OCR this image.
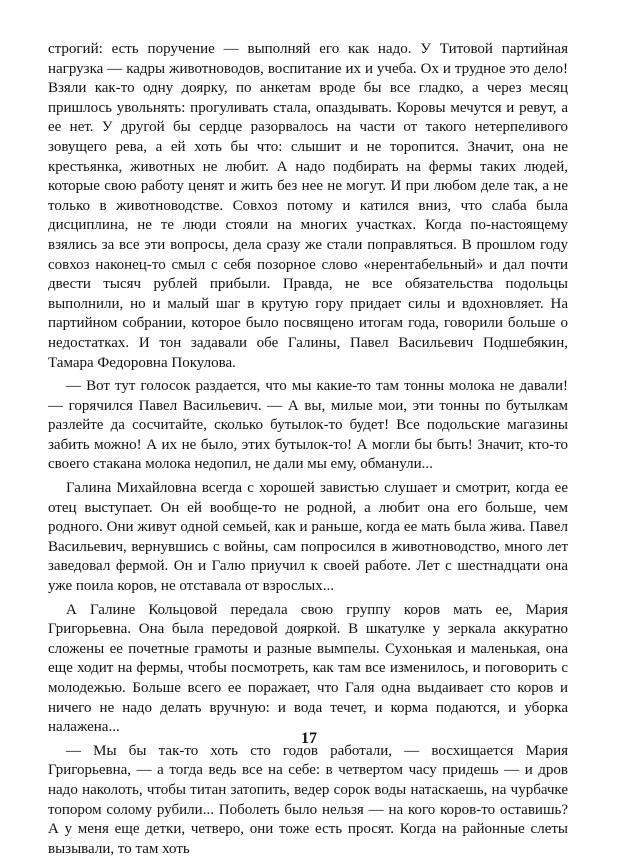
строгий: есть поручение — выполняй его как надо. У Титовой партийная нагрузка — кадры животноводов, воспитание их и учеба. Ох и трудное это дело! Взяли как-то одну доярку, по анкетам вроде бы все гладко, а через месяц пришлось увольнять: прогуливать стала, опаздывать. Коровы мечутся и ревут, а ее нет. У другой бы сердце разорвалось на части от такого нетерпеливого зовущего рева, а ей хоть бы что: слышит и не торопится. Значит, она не крестьянка, животных не любит. А надо подбирать на фермы таких людей, которые свою работу ценят и жить без нее не могут. И при любом деле так, а не только в животноводстве. Совхоз потому и катился вниз, что слаба была дисциплина, не те люди стояли на многих участках. Когда по-настоящему взялись за все эти вопросы, дела сразу же стали поправляться. В прошлом году совхоз наконец-то смыл с себя позорное слово «нерентабельный» и дал почти двести тысяч рублей прибыли. Правда, не все обязательства подольцы выполнили, но и малый шаг в крутую гору придает силы и вдохновляет. На партийном собрании, которое было посвящено итогам года, говорили больше о недостатках. И тон задавали обе Галины, Павел Васильевич Подшебякин, Тамара Федоровна Покулова.

— Вот тут голосок раздается, что мы какие-то там тонны молока не давали! — горячился Павел Васильевич. — А вы, милые мои, эти тонны по бутылкам разлейте да сосчитайте, сколько бутылок-то будет! Все подольские магазины забить можно! А их не было, этих бутылок-то! А могли бы быть! Значит, кто-то своего стакана молока недопил, не дали мы ему, обманули...

Галина Михайловна всегда с хорошей завистью слушает и смотрит, когда ее отец выступает. Он ей вообще-то не родной, а любит она его больше, чем родного. Они живут одной семьей, как и раньше, когда ее мать была жива. Павел Васильевич, вернувшись с войны, сам попросился в животноводство, много лет заведовал фермой. Он и Галю приучил к своей работе. Лет с шестнадцати она уже поила коров, не отставала от взрослых...

А Галине Кольцовой передала свою группу коров мать ее, Мария Григорьевна. Она была передовой дояркой. В шкатулке у зеркала аккуратно сложены ее почетные грамоты и разные вымпелы. Сухонькая и маленькая, она еще ходит на фермы, чтобы посмотреть, как там все изменилось, и поговорить с молодежью. Больше всего ее поражает, что Галя одна выдаивает сто коров и ничего не надо делать вручную: и вода течет, и корма подаются, и уборка налажена...

— Мы бы так-то хоть сто годов работали, — восхищается Мария Григорьевна, — а тогда ведь все на себе: в четвертом часу придешь — и дров надо наколоть, чтобы титан затопить, ведер сорок воды натаскаешь, на чурбачке топором солому рубили... Поболеть было нельзя — на кого коров-то оставишь? А у меня еще детки, четверо, они тоже есть просят. Когда на районные слеты вызывали, то там хоть

17
